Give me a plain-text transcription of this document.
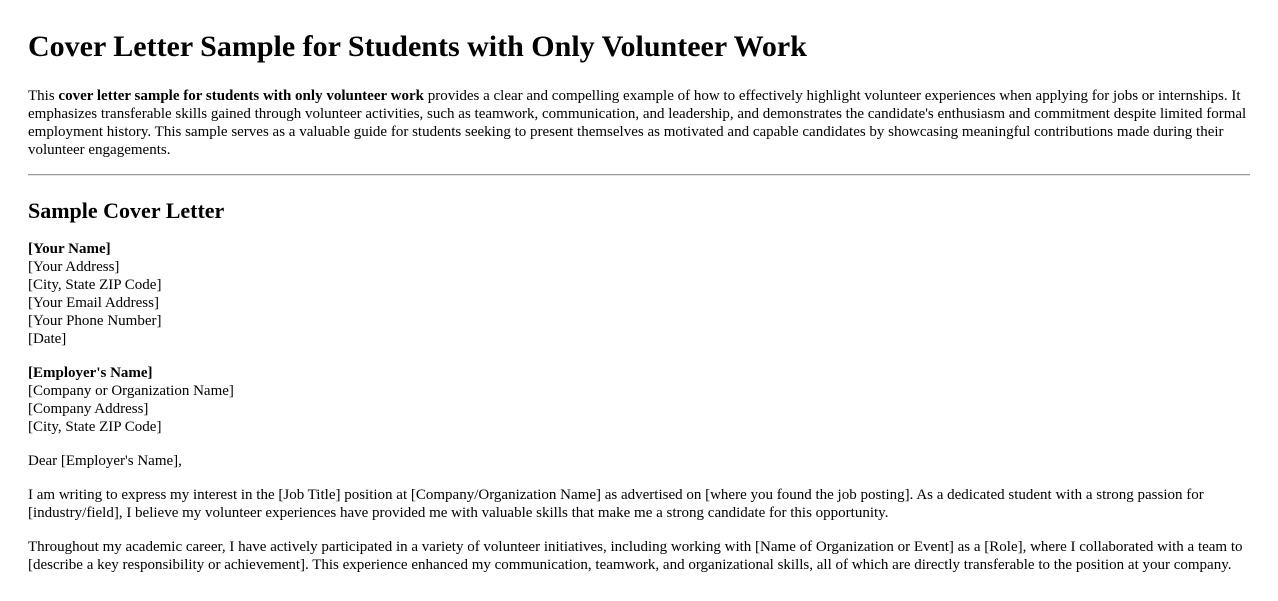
Cover Letter Sample for Students with Only Volunteer Work

This cover letter sample for students with only volunteer work provides a clear and compelling example of how to effectively highlight volunteer experiences when applying for jobs or internships. It emphasizes transferable skills gained through volunteer activities, such as teamwork, communication, and leadership, and demonstrates the candidate's enthusiasm and commitment despite limited formal employment history. This sample serves as a valuable guide for students seeking to present themselves as motivated and capable candidates by showcasing meaningful contributions made during their volunteer engagements.

Sample Cover Letter
[Your Name]
[Your Address]
[City, State ZIP Code]
[Your Email Address]
[Your Phone Number]
[Date]
[Employer's Name]
[Company or Organization Name]
[Company Address]
[City, State ZIP Code]

Dear [Employer's Name],

I am writing to express my interest in the [Job Title] position at [Company/Organization Name] as advertised on [where you found the job posting]. As a dedicated student with a strong passion for [industry/field], I believe my volunteer experiences have provided me with valuable skills that make me a strong candidate for this opportunity.

Throughout my academic career, I have actively participated in a variety of volunteer initiatives, including working with [Name of Organization or Event] as a [Role], where I collaborated with a team to [describe a key responsibility or achievement]. This experience enhanced my communication, teamwork, and organizational skills, all of which are directly transferable to the position at your company.
